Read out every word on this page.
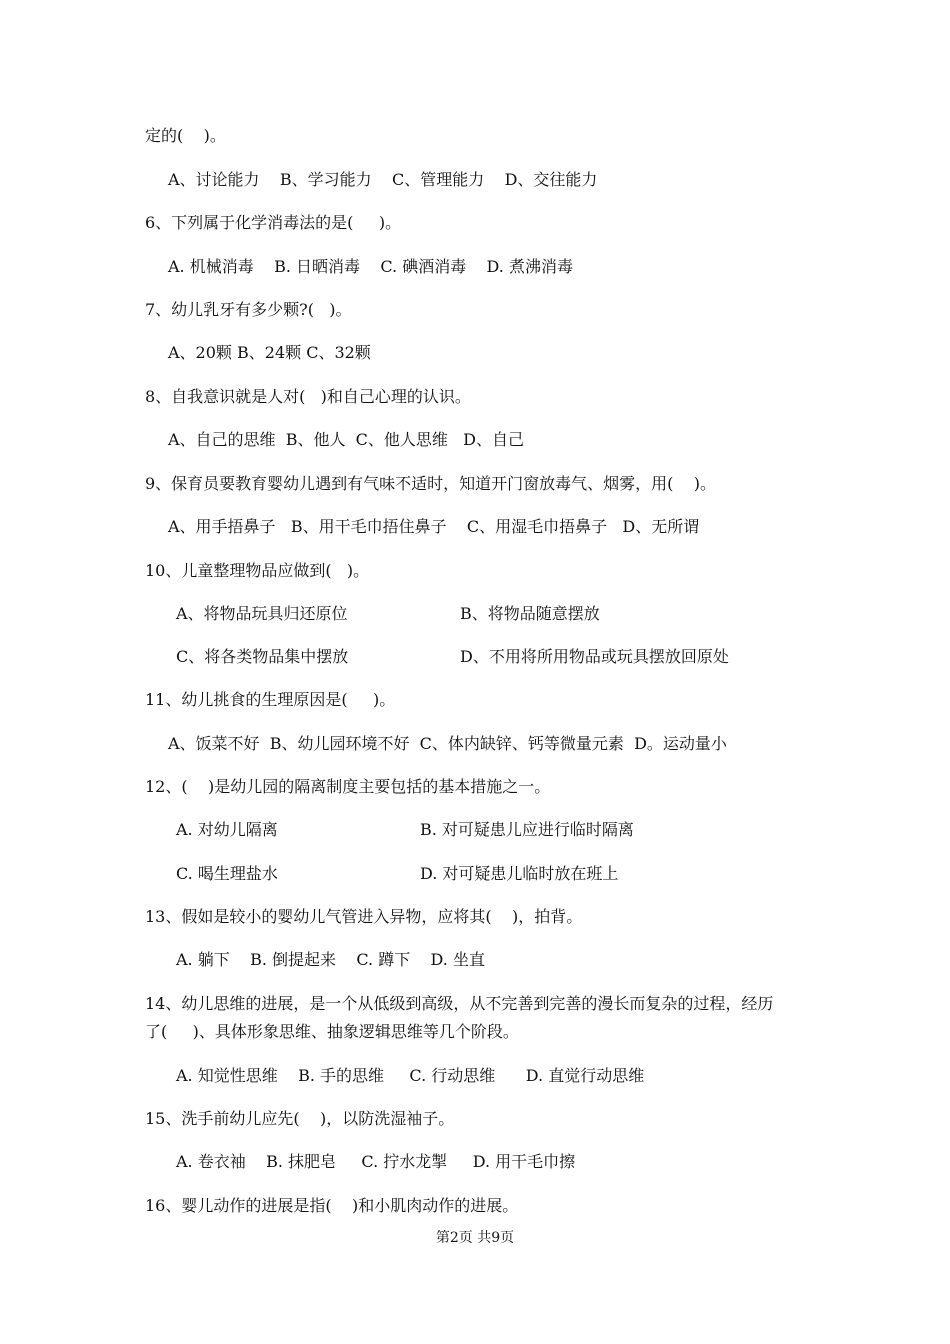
定的(    )。
A、讨论能力    B、学习能力    C、管理能力    D、交往能力
6、下列属于化学消毒法的是(     )。
A. 机械消毒    B. 日晒消毒    C. 碘酒消毒    D. 煮沸消毒
7、幼儿乳牙有多少颗?(   )。
A、20颗 B、24颗 C、32颗
8、自我意识就是人对(   )和自己心理的认识。
A、自己的思维  B、他人  C、他人思维   D、自己
9、保育员要教育婴幼儿遇到有气味不适时，知道开门窗放毒气、烟雾，用(    )。
A、用手捂鼻子   B、用干毛巾捂住鼻子    C、用湿毛巾捂鼻子   D、无所谓
10、儿童整理物品应做到(   )。
A、将物品玩具归还原位	B、将物品随意摆放
C、将各类物品集中摆放	D、不用将所用物品或玩具摆放回原处
11、幼儿挑食的生理原因是(     )。
A、饭菜不好  B、幼儿园环境不好  C、体内缺锌、钙等微量元素  D。运动量小
12、(    )是幼儿园的隔离制度主要包括的基本措施之一。
A. 对幼儿隔离	B. 对可疑患儿应进行临时隔离
C. 喝生理盐水	D. 对可疑患儿临时放在班上
13、假如是较小的婴幼儿气管进入异物，应将其(    )，拍背。
A. 躺下    B. 倒提起来    C. 蹲下    D. 坐直
14、幼儿思维的进展，是一个从低级到高级，从不完善到完善的漫长而复杂的过程，经历
了(     )、具体形象思维、抽象逻辑思维等几个阶段。
A. 知觉性思维    B. 手的思维     C. 行动思维      D. 直觉行动思维
15、洗手前幼儿应先(    )，以防洗湿袖子。
A. 卷衣袖    B. 抹肥皂     C. 拧水龙掣     D. 用干毛巾擦
16、婴儿动作的进展是指(    )和小肌肉动作的进展。
第2页 共9页
